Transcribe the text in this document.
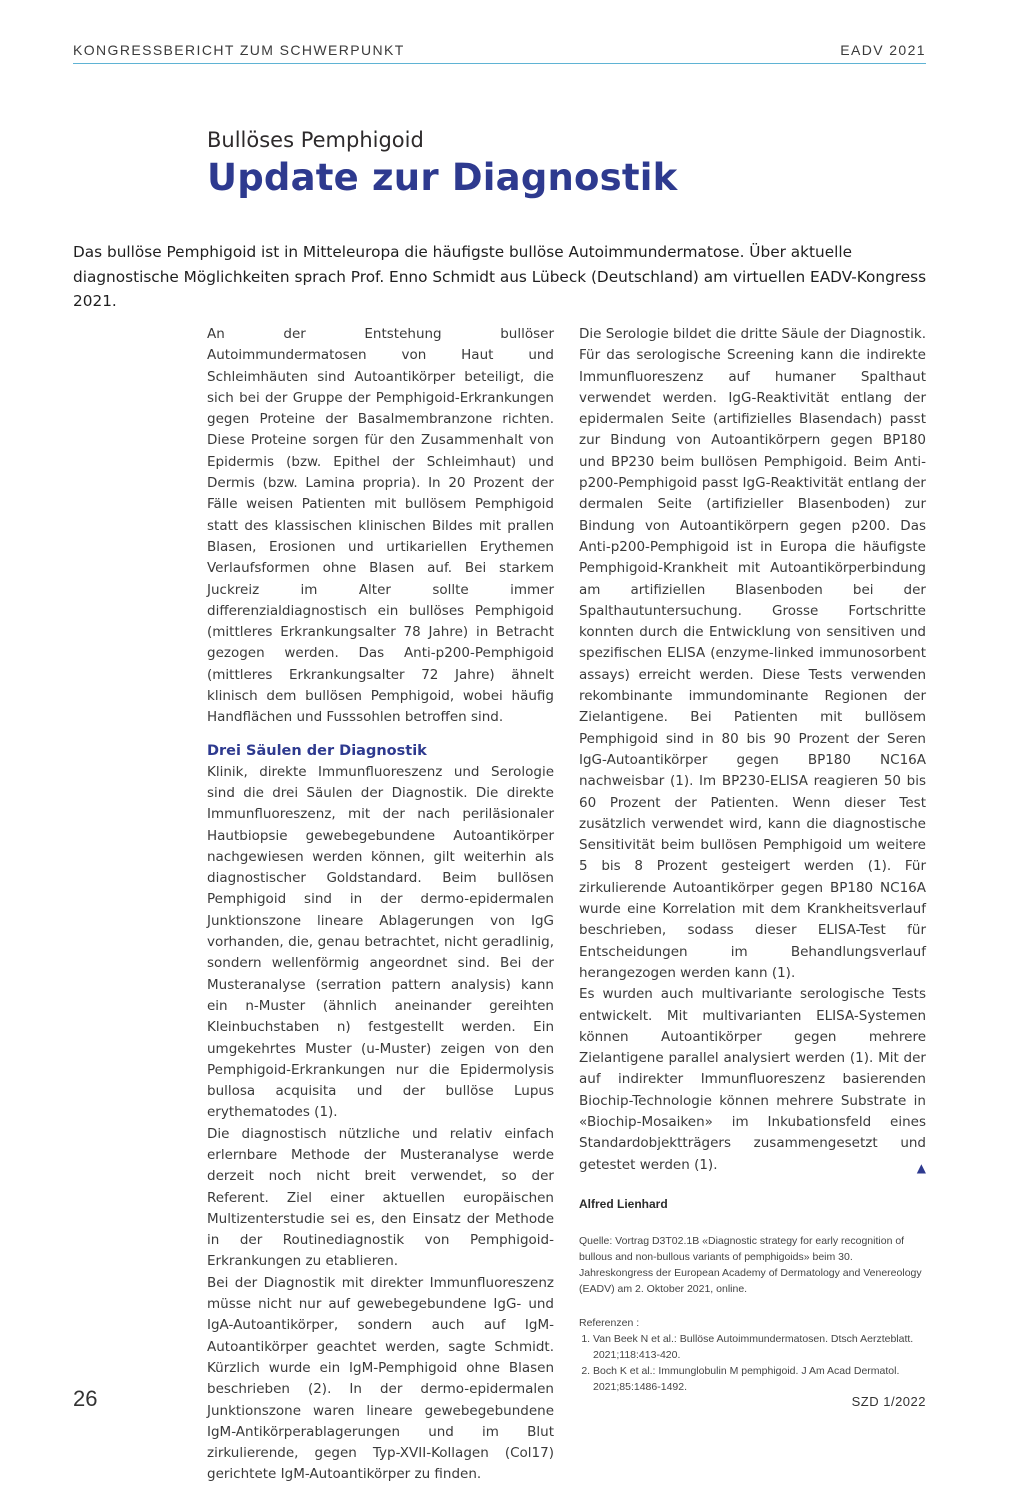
KONGRESSBERICHT ZUM SCHWERPUNKT	EADV 2021

Bullöses Pemphigoid

Update zur Diagnostik

Das bullöse Pemphigoid ist in Mitteleuropa die häufigste bullöse Autoimmundermatose. Über aktuelle diagnostische Möglichkeiten sprach Prof. Enno Schmidt aus Lübeck (Deutschland) am virtuellen EADV-Kongress 2021.

An der Entstehung bullöser Autoimmundermatosen von Haut und Schleimhäuten sind Autoantikörper beteiligt, die sich bei der Gruppe der Pemphigoid-Erkrankungen gegen Proteine der Basalmembranzone richten. Diese Proteine sorgen für den Zusammenhalt von Epidermis (bzw. Epithel der Schleimhaut) und Dermis (bzw. Lamina propria). In 20 Prozent der Fälle weisen Patienten mit bullösem Pemphigoid statt des klassischen klinischen Bildes mit prallen Blasen, Erosionen und urtikariellen Erythemen Verlaufsformen ohne Blasen auf. Bei starkem Juckreiz im Alter sollte immer differenzialdiagnostisch ein bullöses Pemphigoid (mittleres Erkrankungsalter 78 Jahre) in Betracht gezogen werden. Das Anti-p200-Pemphigoid (mittleres Erkrankungsalter 72 Jahre) ähnelt klinisch dem bullösen Pemphigoid, wobei häufig Handflächen und Fusssohlen betroffen sind.

Drei Säulen der Diagnostik

Klinik, direkte Immunfluoreszenz und Serologie sind die drei Säulen der Diagnostik. Die direkte Immunfluoreszenz, mit der nach periläsionaler Hautbiopsie gewebegebundene Autoantikörper nachgewiesen werden können, gilt weiterhin als diagnostischer Goldstandard. Beim bullösen Pemphigoid sind in der dermo-epidermalen Junktionszone lineare Ablagerungen von IgG vorhanden, die, genau betrachtet, nicht geradlinig, sondern wellenförmig angeordnet sind. Bei der Musteranalyse (serration pattern analysis) kann ein n-Muster (ähnlich aneinander gereihten Kleinbuchstaben n) festgestellt werden. Ein umgekehrtes Muster (u-Muster) zeigen von den Pemphigoid-Erkrankungen nur die Epidermolysis bullosa acquisita und der bullöse Lupus erythematodes (1).

Die diagnostisch nützliche und relativ einfach erlernbare Methode der Musteranalyse werde derzeit noch nicht breit verwendet, so der Referent. Ziel einer aktuellen europäischen Multizenterstudie sei es, den Einsatz der Methode in der Routinediagnostik von Pemphigoid-Erkrankungen zu etablieren.

Bei der Diagnostik mit direkter Immunfluoreszenz müsse nicht nur auf gewebegebundene IgG- und IgA-Autoantikörper, sondern auch auf IgM-Autoantikörper geachtet werden, sagte Schmidt. Kürzlich wurde ein IgM-Pemphigoid ohne Blasen beschrieben (2). In der dermo-epidermalen Junktionszone waren lineare gewebegebundene IgM-Antikörperablagerungen und im Blut zirkulierende, gegen Typ-XVII-Kollagen (Col17) gerichtete IgM-Autoantikörper zu finden.

Die Serologie bildet die dritte Säule der Diagnostik. Für das serologische Screening kann die indirekte Immunfluoreszenz auf humaner Spalthaut verwendet werden. IgG-Reaktivität entlang der epidermalen Seite (artifizielles Blasendach) passt zur Bindung von Autoantikörpern gegen BP180 und BP230 beim bullösen Pemphigoid. Beim Anti-p200-Pemphigoid passt IgG-Reaktivität entlang der dermalen Seite (artifizieller Blasenboden) zur Bindung von Autoantikörpern gegen p200. Das Anti-p200-Pemphigoid ist in Europa die häufigste Pemphigoid-Krankheit mit Autoantikörperbindung am artifiziellen Blasenboden bei der Spalthautuntersuchung. Grosse Fortschritte konnten durch die Entwicklung von sensitiven und spezifischen ELISA (enzyme-linked immunosorbent assays) erreicht werden. Diese Tests verwenden rekombinante immundominante Regionen der Zielantigene. Bei Patienten mit bullösem Pemphigoid sind in 80 bis 90 Prozent der Seren IgG-Autoantikörper gegen BP180 NC16A nachweisbar (1). Im BP230-ELISA reagieren 50 bis 60 Prozent der Patienten. Wenn dieser Test zusätzlich verwendet wird, kann die diagnostische Sensitivität beim bullösen Pemphigoid um weitere 5 bis 8 Prozent gesteigert werden (1). Für zirkulierende Autoantikörper gegen BP180 NC16A wurde eine Korrelation mit dem Krankheitsverlauf beschrieben, sodass dieser ELISA-Test für Entscheidungen im Behandlungsverlauf herangezogen werden kann (1).

Es wurden auch multivariante serologische Tests entwickelt. Mit multivarianten ELISA-Systemen können Autoantikörper gegen mehrere Zielantigene parallel analysiert werden (1). Mit der auf indirekter Immunfluoreszenz basierenden Biochip-Technologie können mehrere Substrate in «Biochip-Mosaiken» im Inkubationsfeld eines Standardobjektträgers zusammengesetzt und getestet werden (1).	▲

Alfred Lienhard
Quelle: Vortrag D3T02.1B «Diagnostic strategy for early recognition of bullous and non-bullous variants of pemphigoids» beim 30. Jahreskongress der European Academy of Dermatology and Venereology (EADV) am 2. Oktober 2021, online.
Referenzen :
1. Van Beek N et al.: Bullöse Autoimmundermatosen. Dtsch Aerzteblatt. 2021;118:413-420.
2. Boch K et al.: Immunglobulin M pemphigoid. J Am Acad Dermatol. 2021;85:1486-1492.
26	SZD 1/2022
